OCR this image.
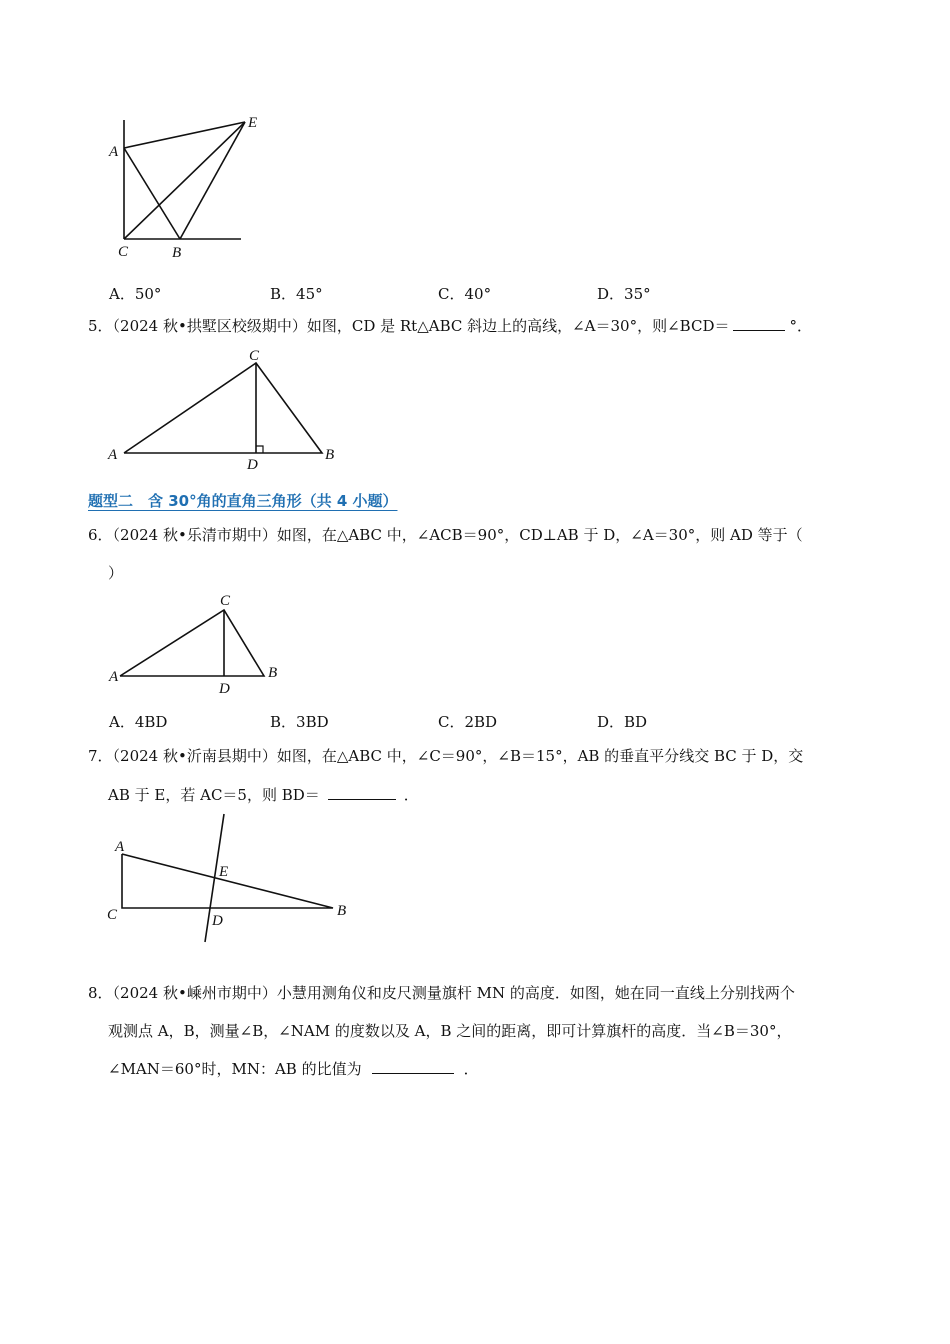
A
E
C	B
A．50°	B．45°	C．40°	D．35°
5．（2024 秋•拱墅区校级期中）如图，CD 是 Rt△ABC 斜边上的高线，∠A＝30°，则∠BCD＝	°．
C
A
D
B
题型二　含 30°角的直角三角形（共 4 小题）
6．（2024 秋•乐清市期中）如图，在△ABC 中，∠ACB＝90°，CD⊥AB 于 D，∠A＝30°，则 AD 等于（
）
C
A
D
B
A．4BD	B．3BD	C．2BD	D．BD
7．（2024 秋•沂南县期中）如图，在△ABC 中，∠C＝90°，∠B＝15°，AB 的垂直平分线交 BC 于 D，交
AB 于 E，若 AC＝5，则 BD＝	．
A
E
C	D
B
8．（2024 秋•嵊州市期中）小慧用测角仪和皮尺测量旗杆 MN 的高度．如图，她在同一直线上分别找两个
观测点 A，B，测量∠B，∠NAM 的度数以及 A，B 之间的距离，即可计算旗杆的高度．当∠B＝30°，
∠MAN＝60°时，MN：AB 的比值为	．
